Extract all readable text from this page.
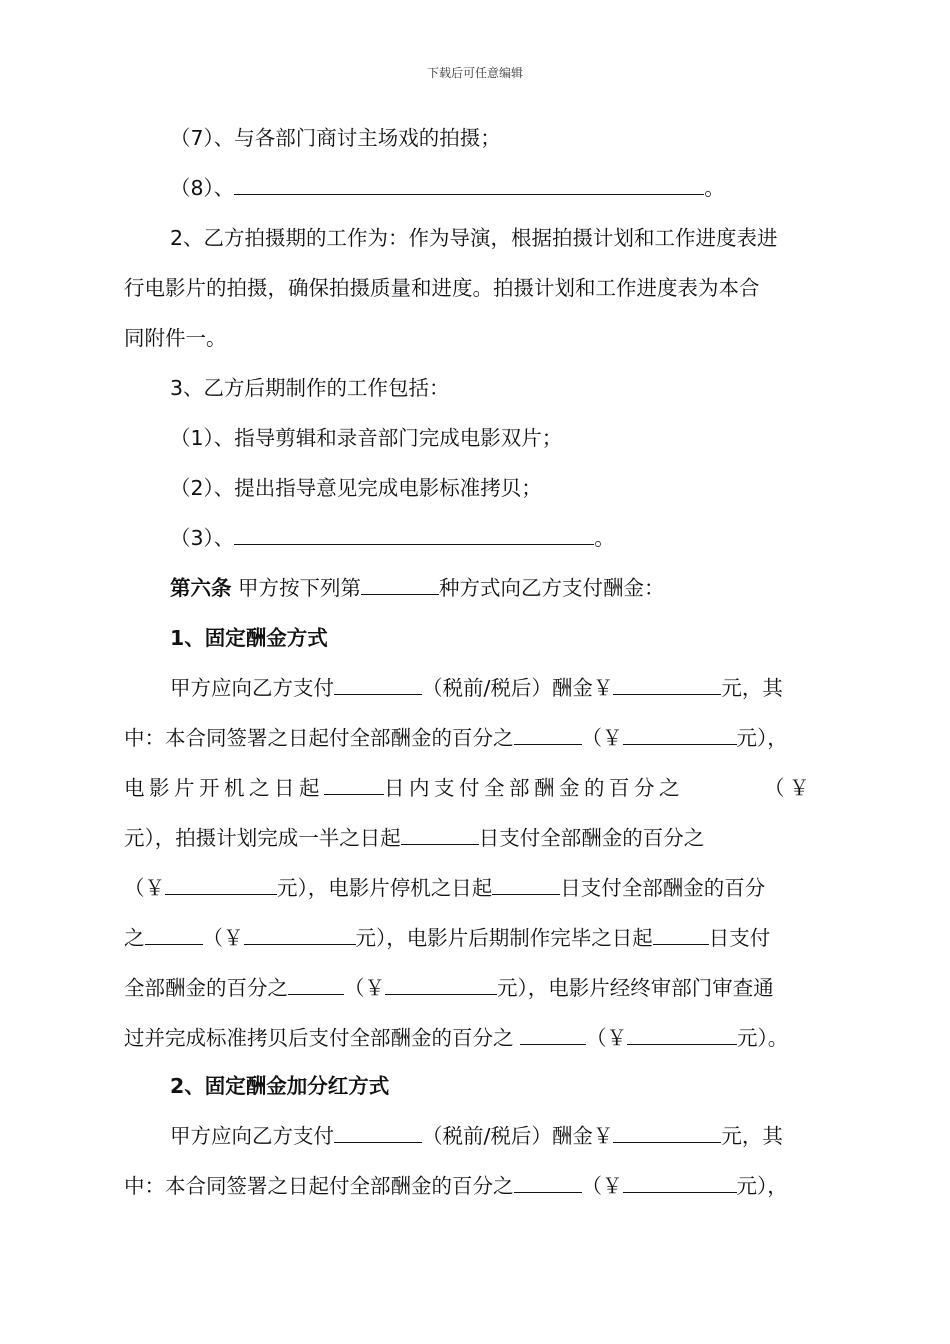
下载后可任意编辑
（7）、与各部门商讨主场戏的拍摄；
（8）、	。
2、乙方拍摄期的工作为：作为导演，根据拍摄计划和工作进度表进
行电影片的拍摄，确保拍摄质量和进度。拍摄计划和工作进度表为本合
同附件一。
3、乙方后期制作的工作包括：
（1）、指导剪辑和录音部门完成电影双片；
（2）、提出指导意见完成电影标准拷贝；
（3）、	。
第六条 甲方按下列第	种方式向乙方支付酬金：
1、固定酬金方式
甲方应向乙方支付	（税前/税后）酬金￥	元，其
中：本合同签署之日起付全部酬金的百分之	（￥	元），
电影片开机之日起	日内支付全部酬金的百分之	（￥
元），拍摄计划完成一半之日起	日支付全部酬金的百分之
（￥	元），电影片停机之日起	日支付全部酬金的百分
之	（￥	元），电影片后期制作完毕之日起	日支付
全部酬金的百分之	（￥	元），电影片经终审部门审查通
过并完成标准拷贝后支付全部酬金的百分之	（￥	元）。
2、固定酬金加分红方式
甲方应向乙方支付	（税前/税后）酬金￥	元，其
中：本合同签署之日起付全部酬金的百分之	（￥	元），
